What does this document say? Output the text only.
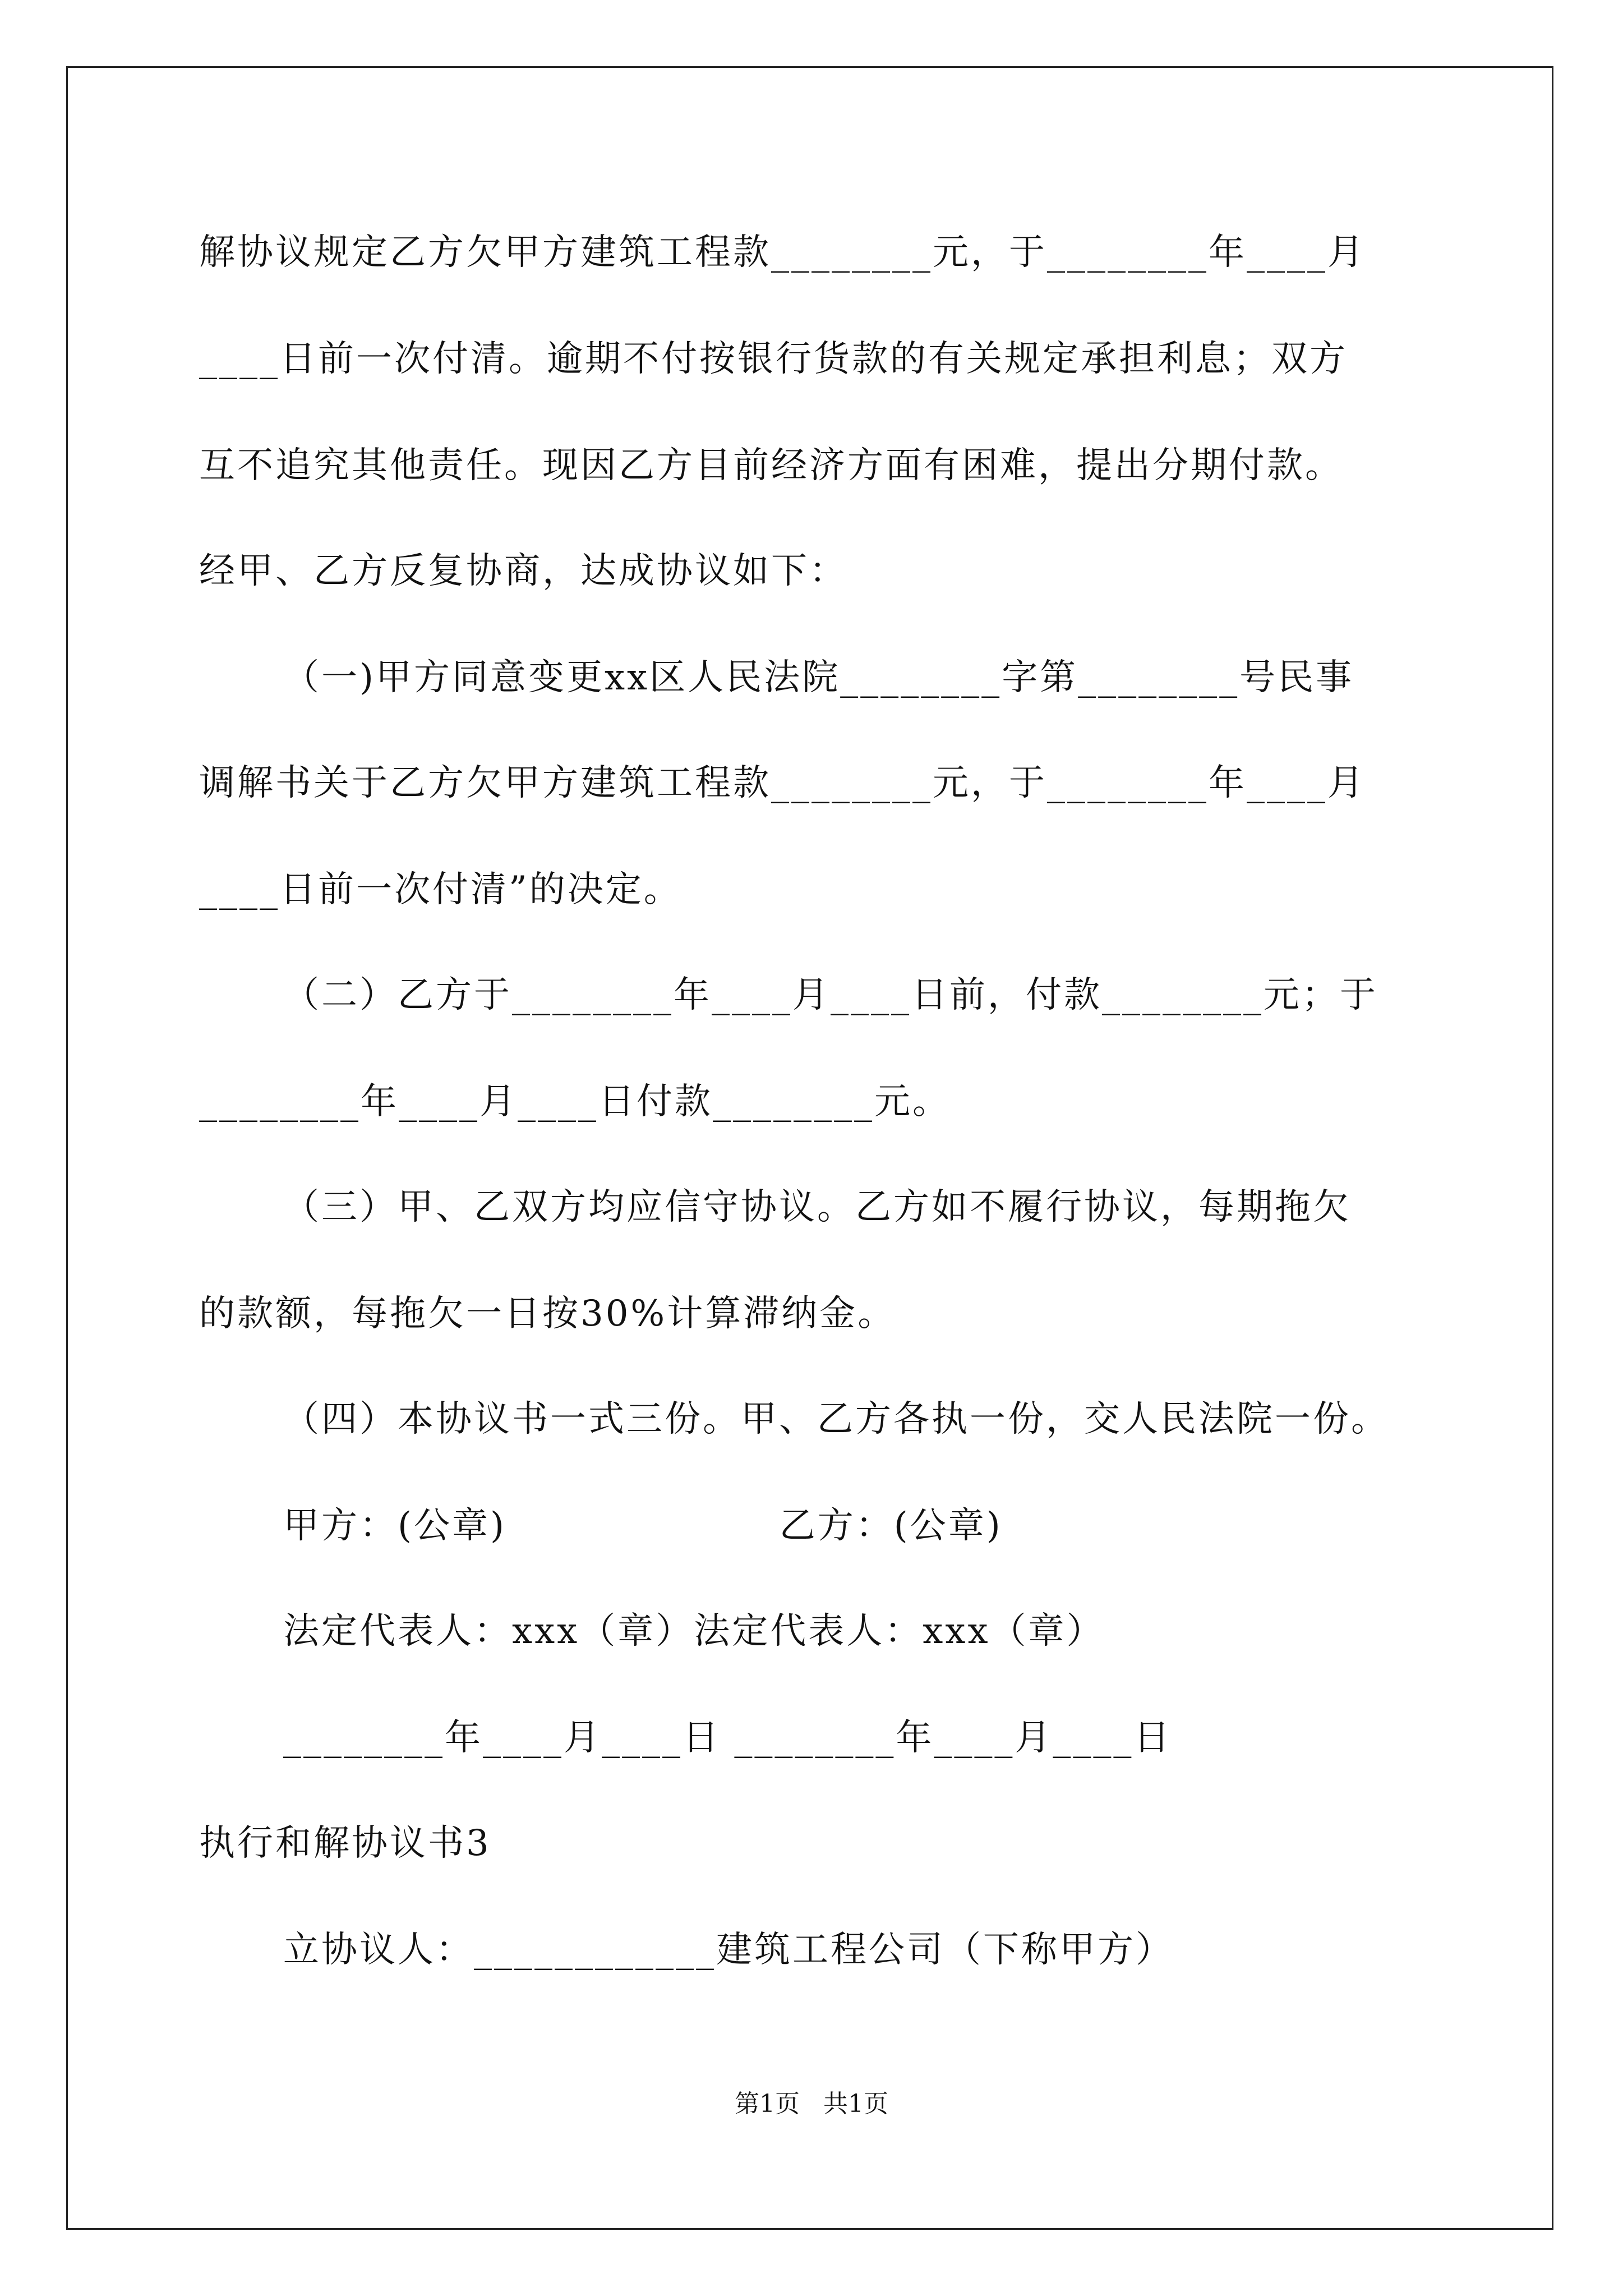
解协议规定乙方欠甲方建筑工程款________元，于________年____月
____日前一次付清。逾期不付按银行货款的有关规定承担利息；双方
互不追究其他责任。现因乙方目前经济方面有困难，提出分期付款。
经甲、乙方反复协商，达成协议如下：
（一)甲方同意变更xx区人民法院________字第________号民事
调解书关于乙方欠甲方建筑工程款________元，于________年____月
____日前一次付清”的决定。
（二）乙方于________年____月____日前，付款________元；于
________年____月____日付款________元。
（三）甲、乙双方均应信守协议。乙方如不履行协议，每期拖欠
的款额，每拖欠一日按30%计算滞纳金。
（四）本协议书一式三份。甲、乙方各执一份，交人民法院一份。
甲方：(公章)                    乙方：(公章)
法定代表人：xxx（章）法定代表人：xxx（章）
________年____月____日 ________年____月____日
执行和解协议书3
立协议人：____________建筑工程公司（下称甲方）
第1页   共1页
